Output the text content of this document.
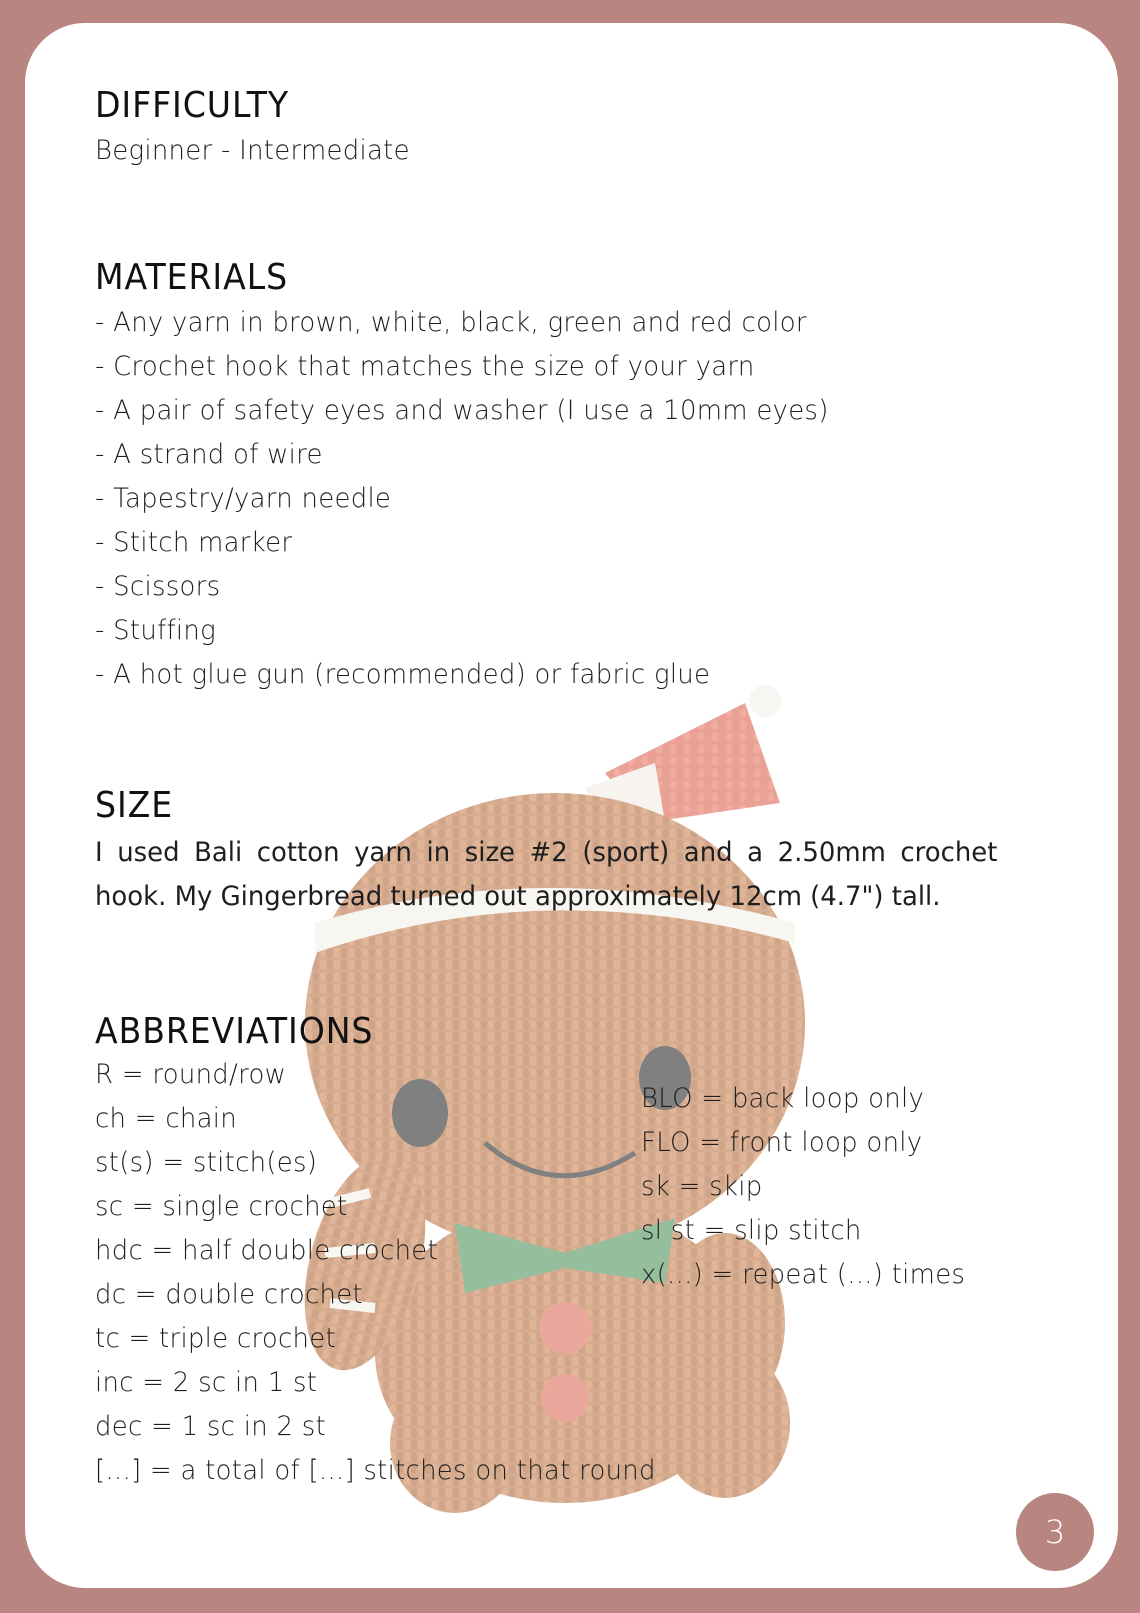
DIFFICULTY
Beginner - Intermediate
MATERIALS
- Any yarn in brown, white, black, green and red color
- Crochet hook that matches the size of your yarn
- A pair of safety eyes and washer (I use a 10mm eyes)
- A strand of wire
- Tapestry/yarn needle
- Stitch marker
- Scissors
- Stuffing
- A hot glue gun (recommended) or fabric glue
SIZE
I used Bali cotton yarn in size #2 (sport) and a 2.50mm crochet hook. My Gingerbread turned out approximately 12cm (4.7") tall.
ABBREVIATIONS
R = round/row
ch = chain
st(s) = stitch(es)
sc = single crochet
hdc = half double crochet
dc = double crochet
tc = triple crochet
inc = 2 sc in 1 st
dec = 1 sc in 2 st
[...] = a total of [...] stitches on that round
BLO = back loop only
FLO = front loop only
sk = skip
sl st = slip stitch
x(...) = repeat (...) times
3
